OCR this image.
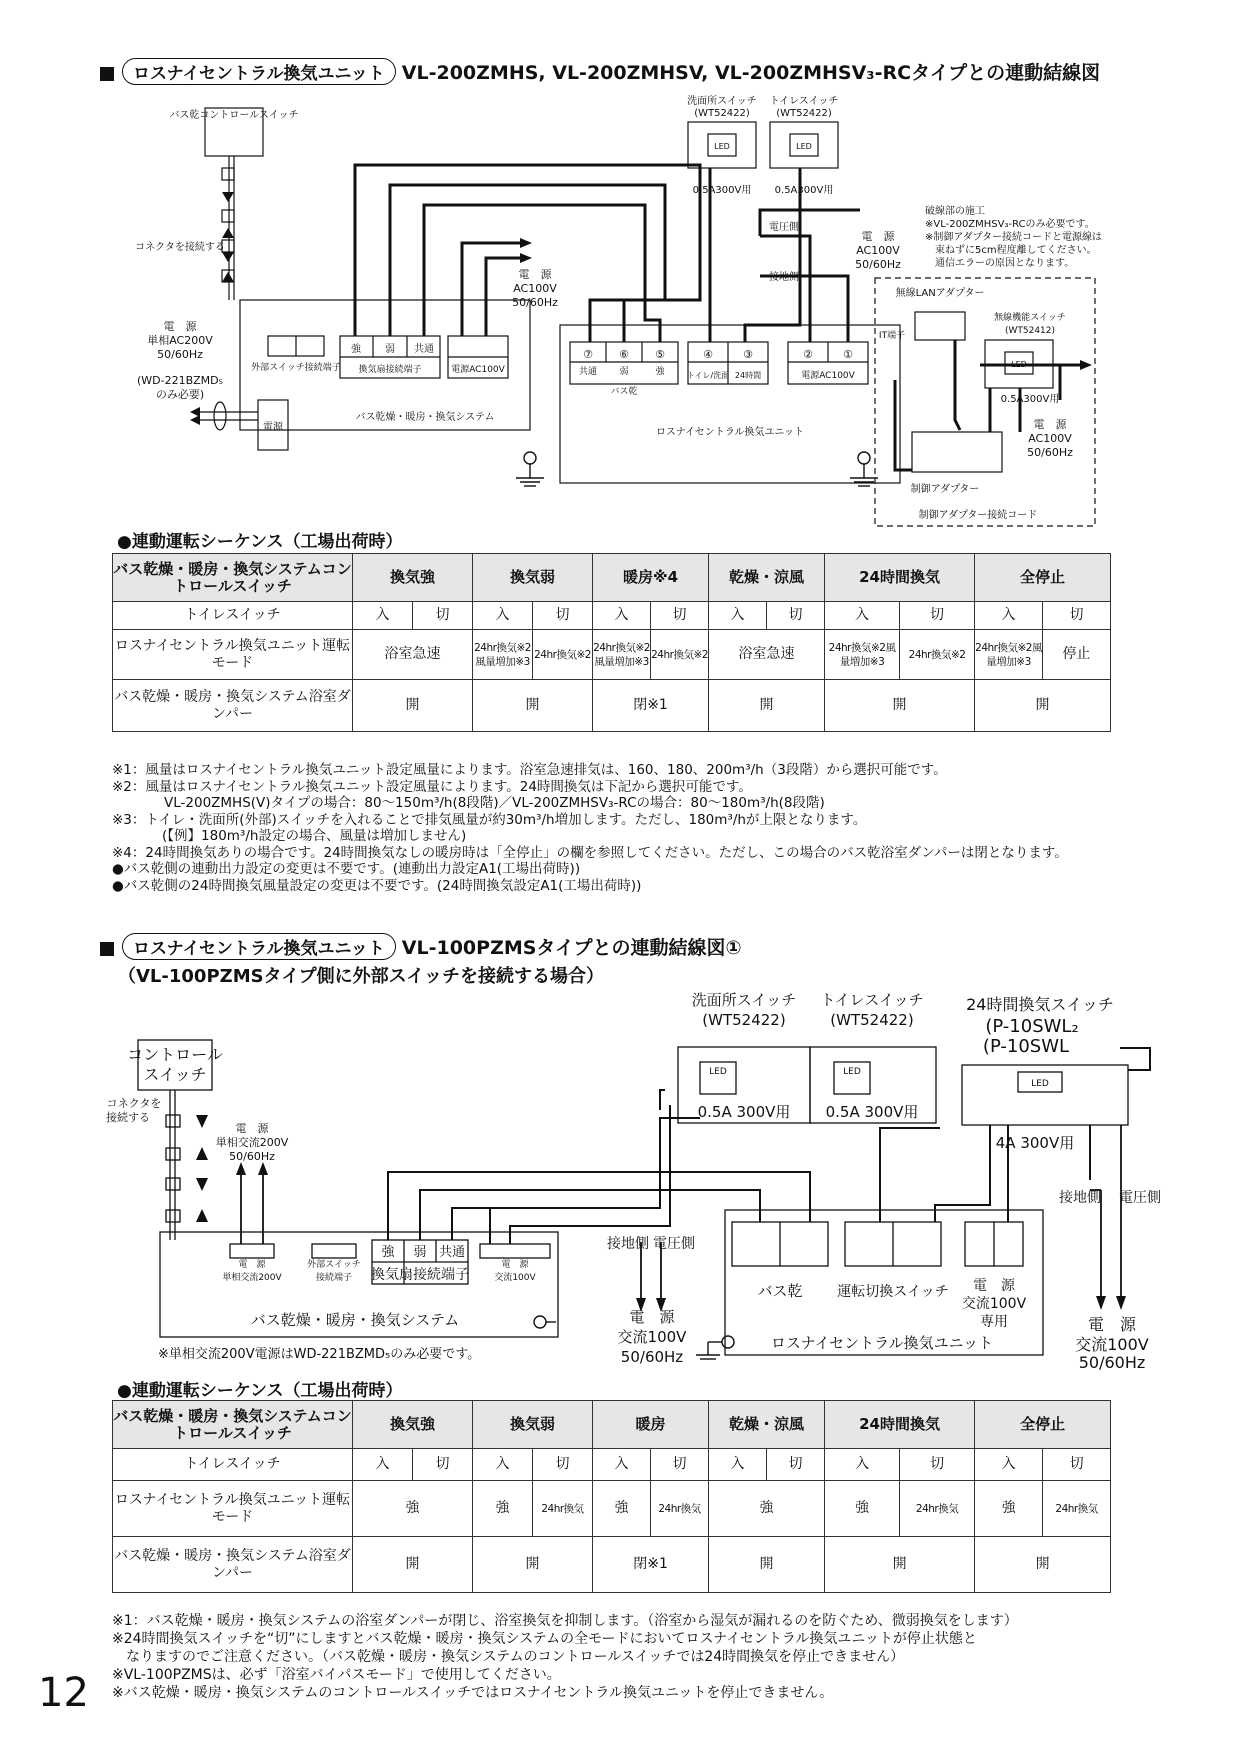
ロスナイセントラル換気ユニット VL-200ZMHS, VL-200ZMHSV, VL-200ZMHSV₃-RCタイプとの連動結線図
バス乾コントロールスイッチ
コネクタを接続する
電　源
単相AC200V
50/60Hz
(WD-221BZMD₅
のみ必要)
電源
外部スイッチ接続端子
強 弱 共通
換気扇接続端子	電源AC100V
バス乾燥・暖房・換気システム
電　源
AC100V
50/60Hz
⑦ ⑥ ⑤
共通 弱	強
バス乾
④	③
トイレ/洗面 24時間
②	①
電源AC100V
ロスナイセントラル換気ユニット
洗面所スイッチ
(WT52422)
トイレスイッチ
(WT52422)
LED	LED
0.5A300V用 0.5A300V用
電圧側
接地側
電　源
AC100V
50/60Hz
破線部の施工
※VL-200ZMHSV₃-RCのみ必要です。
※制御アダプター接続コードと電源線は
束ねずに5cm程度離してください。
通信エラーの原因となります。
無線LANアダプター
無線機能スイッチ
(WT52412)
LED
IT端子
0.5A300V用
電　源
AC100V
50/60Hz
制御アダプター
制御アダプター接続コード
●連動運転シーケンス（工場出荷時）
バス乾燥・暖房・換気システムコントロールスイッチ	換気強		換気弱		暖房※4		乾燥・涼風		24時間換気		全停止	
トイレスイッチ	入	切	入	切	入	切	入	切	入	切	入	切
ロスナイセントラル換気ユニット運転モード	浴室急速		24hr換気※2風量増加※3	24hr換気※2	24hr換気※2風量増加※3	24hr換気※2	浴室急速		24hr換気※2風量増加※3	24hr換気※2	24hr換気※2風量増加※3	停止
バス乾燥・暖房・換気システム浴室ダンパー	開		開		閉※1		開		開		開	
※1：風量はロスナイセントラル換気ユニット設定風量によります。浴室急速排気は、160、180、200m³/h（3段階）から選択可能です。
※2：風量はロスナイセントラル換気ユニット設定風量によります。24時間換気は下記から選択可能です。
VL-200ZMHS(V)タイプの場合：80〜150m³/h(8段階)／VL-200ZMHSV₃-RCの場合：80〜180m³/h(8段階)
※3：トイレ・洗面所(外部)スイッチを入れることで排気風量が約30m³/h増加します。ただし、180m³/hが上限となります。
(【例】180m³/h設定の場合、風量は増加しません)
※4：24時間換気ありの場合です。24時間換気なしの暖房時は「全停止」の欄を参照してください。ただし、この場合のバス乾浴室ダンパーは閉となります。
●バス乾側の連動出力設定の変更は不要です。(連動出力設定A1(工場出荷時))
●バス乾側の24時間換気風量設定の変更は不要です。(24時間換気設定A1(工場出荷時))
ロスナイセントラル換気ユニット VL-100PZMSタイプとの連動結線図①
（VL-100PZMSタイプ側に外部スイッチを接続する場合）
コントロール
スイッチ
コネクタを
接続する
電　源
単相交流200V
50/60Hz
洗面所スイッチ
(WT52422)
トイレスイッチ
(WT52422)
24時間換気スイッチ
(P-10SWL₂
(P-10SWL
LED	LED
LED
0.5A 300V用 0.5A 300V用
4A 300V用
電　源
単相交流200V
外部スイッチ
接続端子
強 弱 共通
換気扇接続端子
電　源
交流100V
バス乾燥・暖房・換気システム
接地側 電圧側
電　源
交流100V
50/60Hz
※単相交流200V電源はWD-221BZMD₅のみ必要です。
バス乾 運転切換スイッチ 電　源
交流100V
専用
ロスナイセントラル換気ユニット
接地側 電圧側
電　源
交流100V
50/60Hz
●連動運転シーケンス（工場出荷時）
バス乾燥・暖房・換気システムコントロールスイッチ	換気強		換気弱		暖房		乾燥・涼風		24時間換気		全停止	
トイレスイッチ	入	切	入	切	入	切	入	切	入	切	入	切
ロスナイセントラル換気ユニット運転モード	強		強	24hr換気	強	24hr換気	強		強	24hr換気	強	24hr換気
バス乾燥・暖房・換気システム浴室ダンパー	開		開		閉※1		開		開		開	
※1：バス乾燥・暖房・換気システムの浴室ダンパーが閉じ、浴室換気を抑制します。（浴室から湿気が漏れるのを防ぐため、微弱換気をします）
※24時間換気スイッチを“切”にしますとバス乾燥・暖房・換気システムの全モードにおいてロスナイセントラル換気ユニットが停止状態と
なりますのでご注意ください。（バス乾燥・暖房・換気システムのコントロールスイッチでは24時間換気を停止できません）
※VL-100PZMSは、必ず「浴室バイパスモード」で使用してください。
※バス乾燥・暖房・換気システムのコントロールスイッチではロスナイセントラル換気ユニットを停止できません。
12
